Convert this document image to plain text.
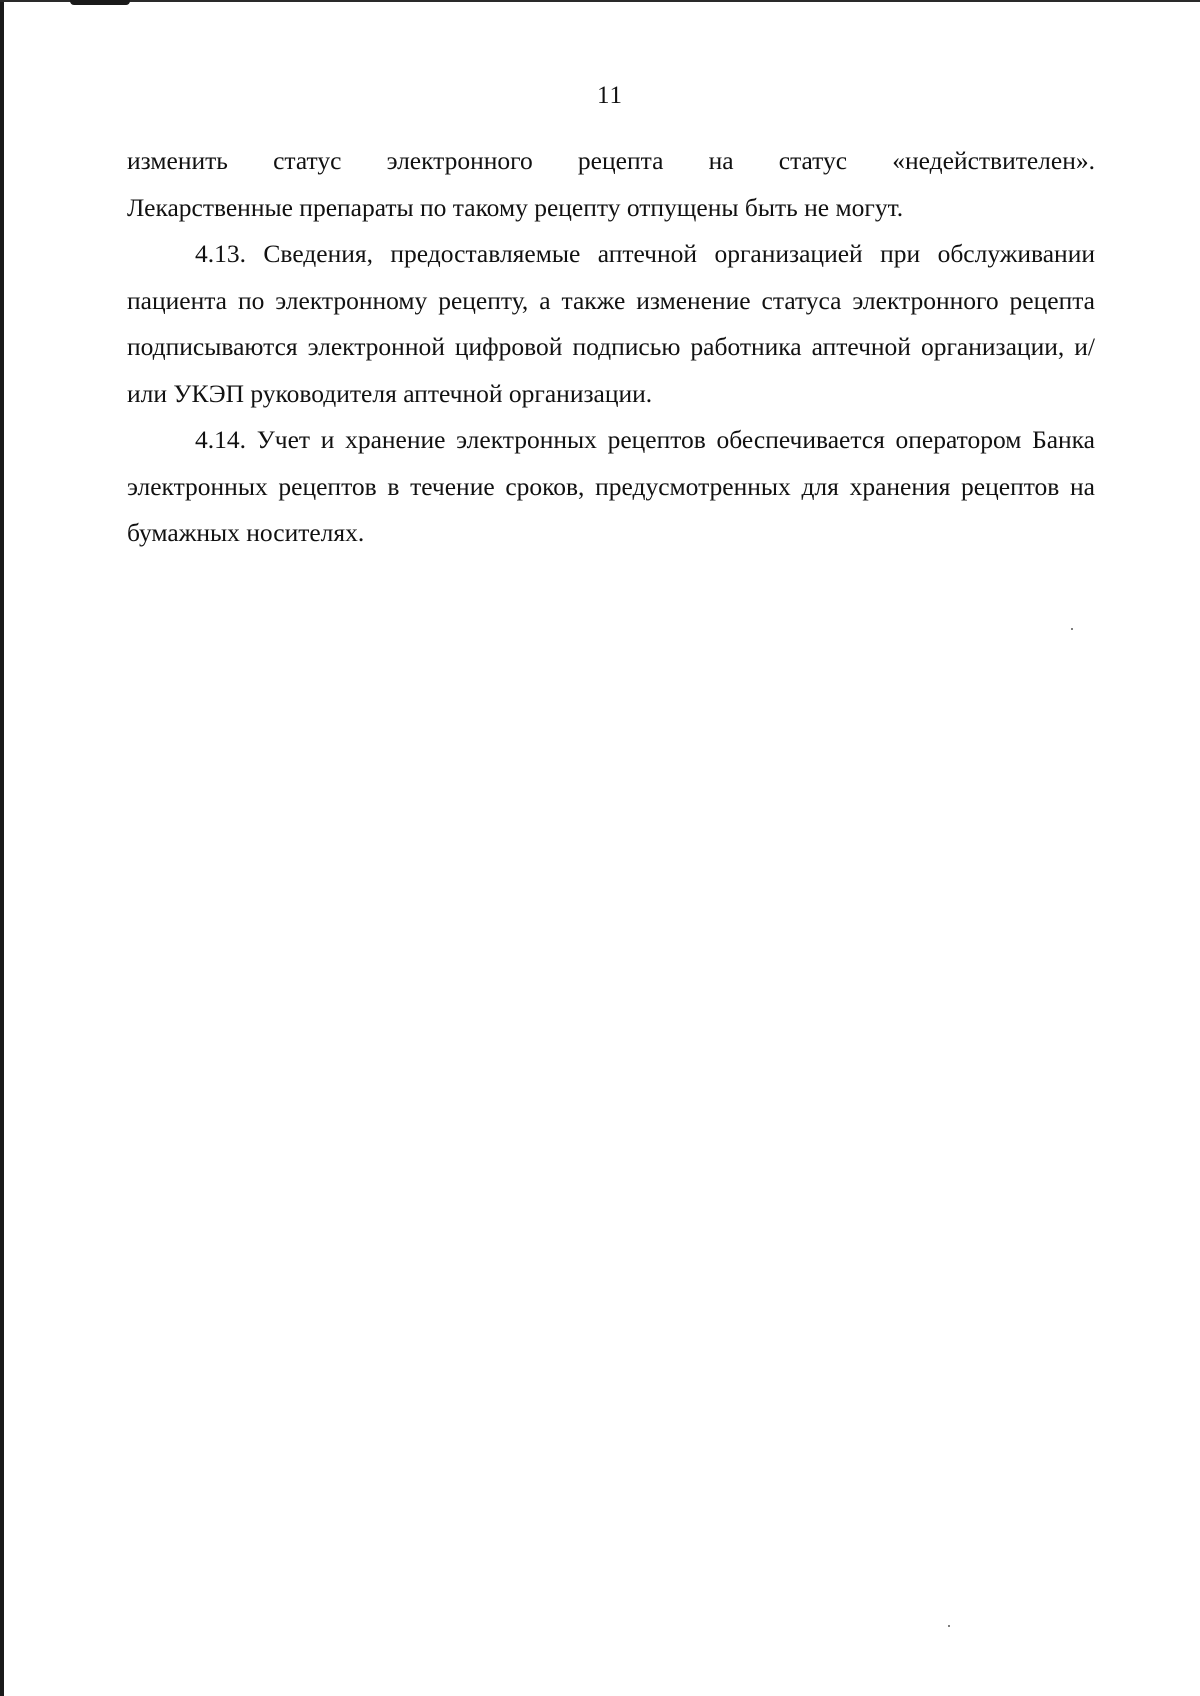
11

изменить статус электронного рецепта на статус «недействителен».
Лекарственные препараты по такому рецепту отпущены быть не могут.

4.13. Сведения, предоставляемые аптечной организацией при обслуживании пациента по электронному рецепту, а также изменение статуса электронного рецепта подписываются электронной цифровой подписью работника аптечной организации, и/или УКЭП руководителя аптечной организации.

4.14. Учет и хранение электронных рецептов обеспечивается оператором Банка электронных рецептов в течение сроков, предусмотренных для хранения рецептов на бумажных носителях.
